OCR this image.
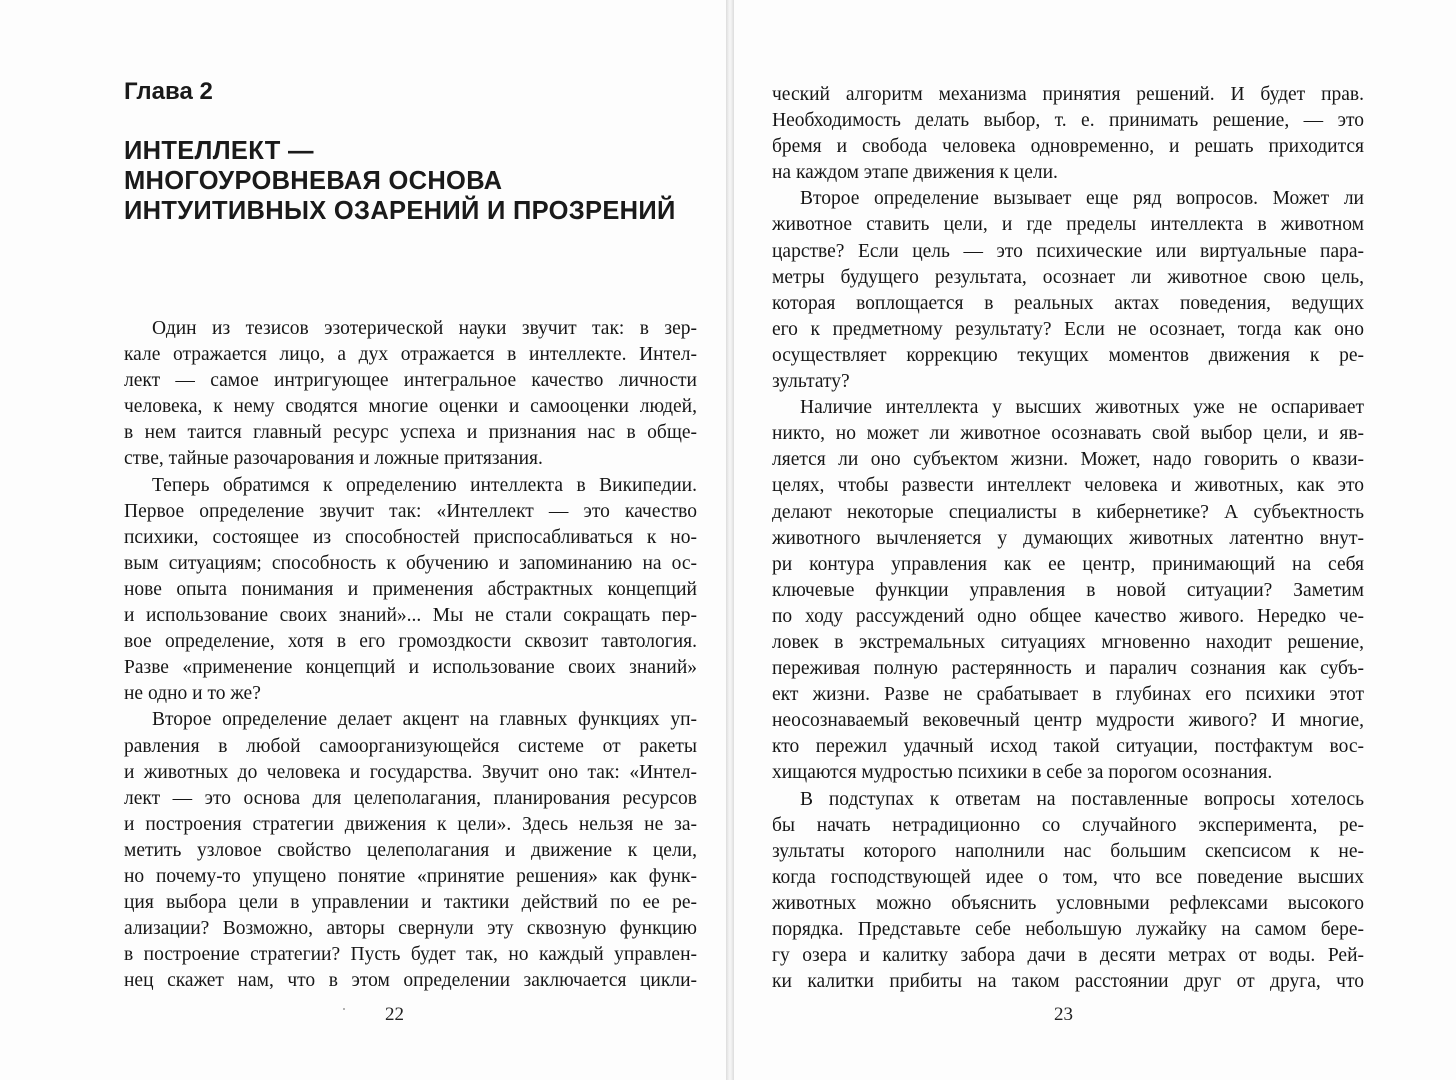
Глава 2
ИНТЕЛЛЕКТ —
МНОГОУРОВНЕВАЯ ОСНОВА
ИНТУИТИВНЫХ ОЗАРЕНИЙ И ПРОЗРЕНИЙ
Один из тезисов эзотерической науки звучит так: в зер-
кале отражается лицо, а дух отражается в интеллекте. Интел-
лект — самое интригующее интегральное качество личности
человека, к нему сводятся многие оценки и самооценки людей,
в нем таится главный ресурс успеха и признания нас в обще-
стве, тайные разочарования и ложные притязания.
Теперь обратимся к определению интеллекта в Википедии.
Первое определение звучит так: «Интеллект — это качество
психики, состоящее из способностей приспосабливаться к но-
вым ситуациям; способность к обучению и запоминанию на ос-
нове опыта понимания и применения абстрактных концепций
и использование своих знаний»... Мы не стали сокращать пер-
вое определение, хотя в его громоздкости сквозит тавтология.
Разве «применение концепций и использование своих знаний»
не одно и то же?
Второе определение делает акцент на главных функциях уп-
равления в любой самоорганизующейся системе от ракеты
и животных до человека и государства. Звучит оно так: «Интел-
лект — это основа для целеполагания, планирования ресурсов
и построения стратегии движения к цели». Здесь нельзя не за-
метить узловое свойство целеполагания и движение к цели,
но почему-то упущено понятие «принятие решения» как функ-
ция выбора цели в управлении и тактики действий по ее ре-
ализации? Возможно, авторы свернули эту сквозную функцию
в построение стратегии? Пусть будет так, но каждый управлен-
нец скажет нам, что в этом определении заключается цикли-
22
ческий алгоритм механизма принятия решений. И будет прав.
Необходимость делать выбор, т. е. принимать решение, — это
бремя и свобода человека одновременно, и решать приходится
на каждом этапе движения к цели.
Второе определение вызывает еще ряд вопросов. Может ли
животное ставить цели, и где пределы интеллекта в животном
царстве? Если цель — это психические или виртуальные пара-
метры будущего результата, осознает ли животное свою цель,
которая воплощается в реальных актах поведения, ведущих
его к предметному результату? Если не осознает, тогда как оно
осуществляет коррекцию текущих моментов движения к ре-
зультату?
Наличие интеллекта у высших животных уже не оспаривает
никто, но может ли животное осознавать свой выбор цели, и яв-
ляется ли оно субъектом жизни. Может, надо говорить о квази-
целях, чтобы развести интеллект человека и животных, как это
делают некоторые специалисты в кибернетике? А субъектность
животного вычленяется у думающих животных латентно внут-
ри контура управления как ее центр, принимающий на себя
ключевые функции управления в новой ситуации? Заметим
по ходу рассуждений одно общее качество живого. Нередко че-
ловек в экстремальных ситуациях мгновенно находит решение,
переживая полную растерянность и паралич сознания как субъ-
ект жизни. Разве не срабатывает в глубинах его психики этот
неосознаваемый вековечный центр мудрости живого? И многие,
кто пережил удачный исход такой ситуации, постфактум вос-
хищаются мудростью психики в себе за порогом осознания.
В подступах к ответам на поставленные вопросы хотелось
бы начать нетрадиционно со случайного эксперимента, ре-
зультаты которого наполнили нас большим скепсисом к не-
когда господствующей идее о том, что все поведение высших
животных можно объяснить условными рефлексами высокого
порядка. Представьте себе небольшую лужайку на самом бере-
гу озера и калитку забора дачи в десяти метрах от воды. Рей-
ки калитки прибиты на таком расстоянии друг от друга, что
23
